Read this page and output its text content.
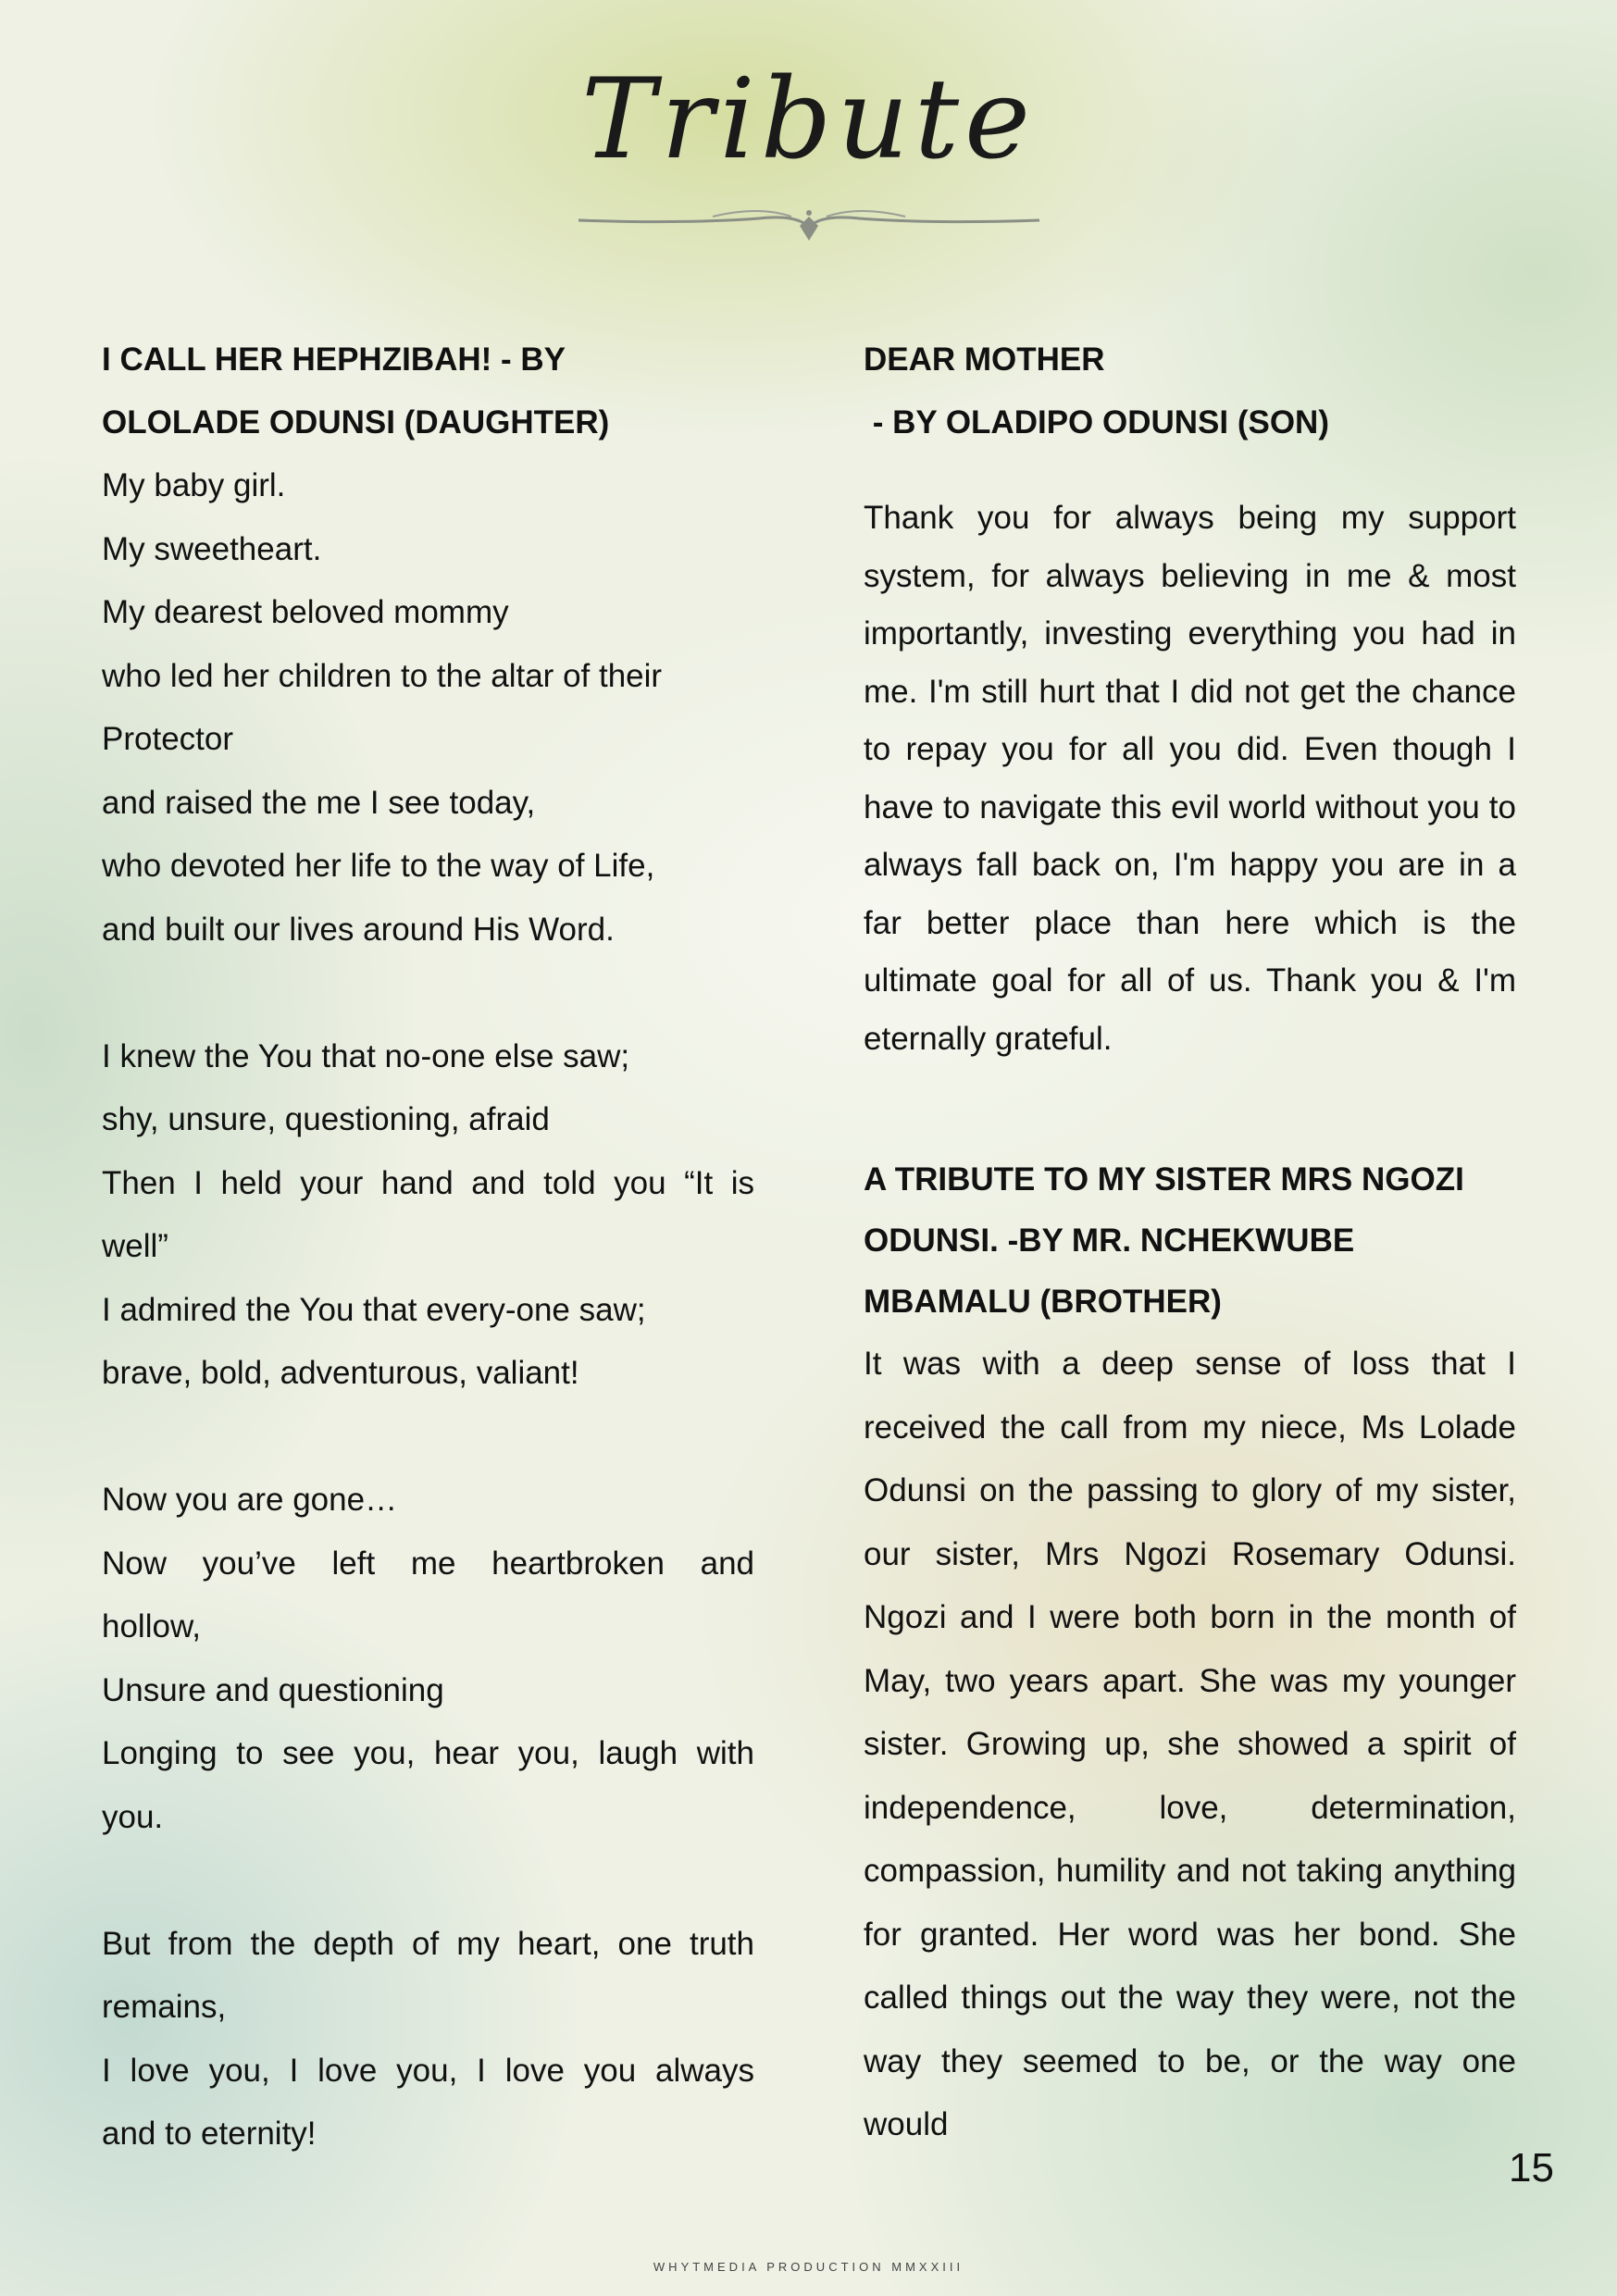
Tribute

I CALL HER HEPHZIBAH! - BY
OLOLADE ODUNSI (DAUGHTER)

My baby girl.
My sweetheart.
My dearest beloved mommy
who led her children to the altar of their
Protector
and raised the me I see today,
who devoted her life to the way of Life,
and built our lives around His Word.
I knew the You that no-one else saw;
shy, unsure, questioning, afraid
Then I held your hand and told you “It is
well”
I admired the You that every-one saw;
brave, bold, adventurous, valiant!
Now you are gone…
Now you’ve left me heartbroken and
hollow,
Unsure and questioning
Longing to see you, hear you, laugh with
you.
But from the depth of my heart, one truth
remains,
I love you, I love you, I love you always
and to eternity!

DEAR MOTHER
- BY OLADIPO ODUNSI (SON)

Thank you for always being my support system, for always believing in me & most importantly, investing everything you had in me. I'm still hurt that I did not get the chance to repay you for all you did. Even though I have to navigate this evil world without you to always fall back on, I'm happy you are in a far better place than here which is the ultimate goal for all of us. Thank you & I'm eternally grateful.

A TRIBUTE TO MY SISTER MRS NGOZI
ODUNSI. -BY MR. NCHEKWUBE
MBAMALU (BROTHER)

It was with a deep sense of loss that I received the call from my niece, Ms Lolade Odunsi on the passing to glory of my sister, our sister, Mrs Ngozi Rosemary Odunsi. Ngozi and I were both born in the month of May, two years apart. She was my younger sister. Growing up, she showed a spirit of independence, love, determination, compassion, humility and not taking anything for granted. Her word was her bond. She called things out the way they were, not the way they seemed to be, or the way one would

15
WHYTMEDIA PRODUCTION MMXXIII
